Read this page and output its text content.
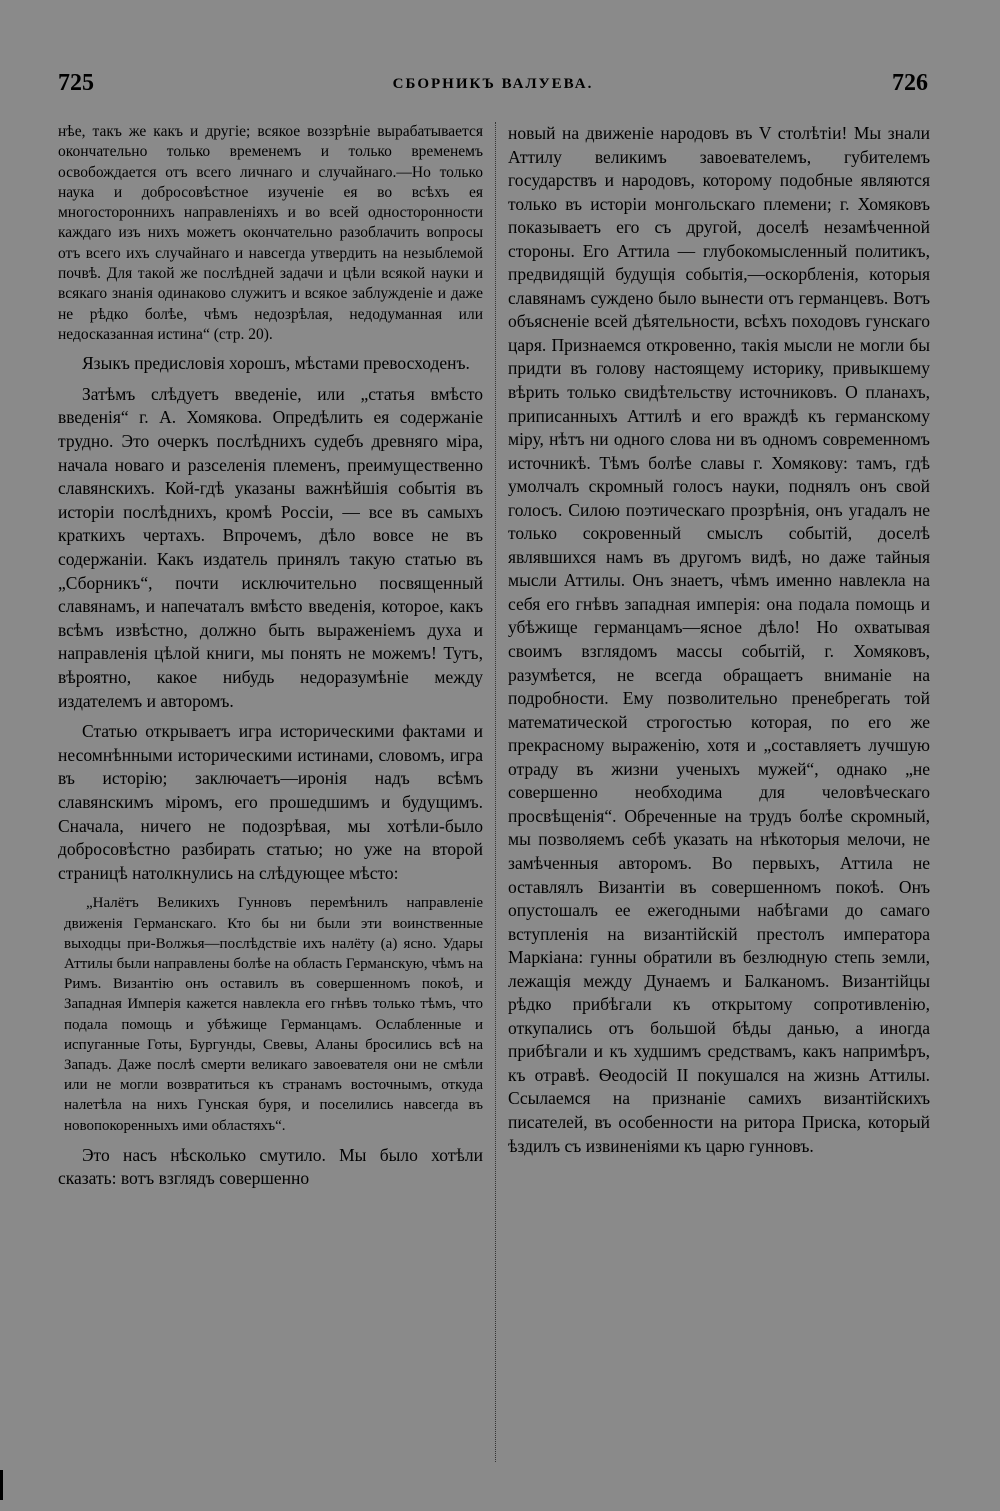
725	СБОРНИКЪ ВАЛУЕВА.	726

нѣе, такъ же какъ и другіе; всякое воззрѣніе вырабатывается окончательно только временемъ и только временемъ освобождается отъ всего личнаго и случайнаго.—Но только наука и добросовѣстное изученіе ея во всѣхъ ея многостороннихъ направленіяхъ и во всей односторонности каждаго изъ нихъ можетъ окончательно разоблачить вопросы отъ всего ихъ случайнаго и навсегда утвердить на незыблемой почвѣ. Для такой же послѣдней задачи и цѣли всякой науки и всякаго знанія одинаково служитъ и всякое заблужденіе и даже не рѣдко болѣе, чѣмъ недозрѣлая, недодуманная или недосказанная истина“ (стр. 20).

Языкъ предисловія хорошъ, мѣстами превосходенъ.

Затѣмъ слѣдуетъ введеніе, или „статья вмѣсто введенія“ г. А. Хомякова. Опредѣлить ея содержаніе трудно. Это очеркъ послѣднихъ судебъ древняго міра, начала новаго и разселенія племенъ, преимущественно славянскихъ. Кой-гдѣ указаны важнѣйшія событія въ исторіи послѣднихъ, кромѣ Россіи, — все въ самыхъ краткихъ чертахъ. Впрочемъ, дѣло вовсе не въ содержаніи. Какъ издатель принялъ такую статью въ „Сборникъ“, почти исключительно посвященный славянамъ, и напечаталъ вмѣсто введенія, которое, какъ всѣмъ извѣстно, должно быть выраженіемъ духа и направленія цѣлой книги, мы понять не можемъ! Тутъ, вѣроятно, какое нибудь недоразумѣніе между издателемъ и авторомъ.

Статью открываетъ игра историческими фактами и несомнѣнными историческими истинами, словомъ, игра въ исторію; заключаетъ—иронія надъ всѣмъ славянскимъ міромъ, его прошедшимъ и будущимъ. Сначала, ничего не подозрѣвая, мы хотѣли-было добросовѣстно разбирать статью; но уже на второй страницѣ натолкнулись на слѣдующее мѣсто:

„Налётъ Великихъ Гунновъ перемѣнилъ направленіе движенія Германскаго. Кто бы ни были эти воинственные выходцы при-Волжья—послѣдствіе ихъ налёту (а) ясно. Удары Аттилы были направлены болѣе на область Германскую, чѣмъ на Римъ. Византію онъ оставилъ въ совершенномъ покоѣ, и Западная Имперія кажется навлекла его гнѣвъ только тѣмъ, что подала помощь и убѣжище Германцамъ. Ослабленные и испуганные Готы, Бургунды, Свевы, Аланы бросились всѣ на Западъ. Даже послѣ смерти великаго завоевателя они не смѣли или не могли возвратиться къ странамъ восточнымъ, откуда налетѣла на нихъ Гунская буря, и поселились навсегда въ новопокоренныхъ ими областяхъ“.

Это насъ нѣсколько смутило. Мы было хотѣли сказать: вотъ взглядъ совершенно

новый на движеніе народовъ въ V столѣтіи! Мы знали Аттилу великимъ завоевателемъ, губителемъ государствъ и народовъ, которому подобные являются только въ исторіи монгольскаго племени; г. Хомяковъ показываетъ его съ другой, доселѣ незамѣченной стороны. Его Аттила — глубокомысленный политикъ, предвидящій будущія событія,—оскорбленія, которыя славянамъ суждено было вынести отъ германцевъ. Вотъ объясненіе всей дѣятельности, всѣхъ походовъ гунскаго царя. Признаемся откровенно, такія мысли не могли бы придти въ голову настоящему историку, привыкшему вѣрить только свидѣтельству источниковъ. О планахъ, приписанныхъ Аттилѣ и его враждѣ къ германскому міру, нѣтъ ни одного слова ни въ одномъ современномъ источникѣ. Тѣмъ болѣе славы г. Хомякову: тамъ, гдѣ умолчалъ скромный голосъ науки, поднялъ онъ свой голосъ. Силою поэтическаго прозрѣнія, онъ угадалъ не только сокровенный смыслъ событій, доселѣ являвшихся намъ въ другомъ видѣ, но даже тайныя мысли Аттилы. Онъ знаетъ, чѣмъ именно навлекла на себя его гнѣвъ западная имперія: она подала помощь и убѣжище германцамъ—ясное дѣло! Но охватывая своимъ взглядомъ массы событій, г. Хомяковъ, разумѣется, не всегда обращаетъ вниманіе на подробности. Ему позволительно пренебрегать той математической строгостью которая, по его же прекрасному выраженію, хотя и „составляетъ лучшую отраду въ жизни ученыхъ мужей“, однако „не совершенно необходима для человѣческаго просвѣщенія“. Обреченные на трудъ болѣе скромный, мы позволяемъ себѣ указать на нѣкоторыя мелочи, не замѣченныя авторомъ. Во первыхъ, Аттила не оставлялъ Византіи въ совершенномъ покоѣ. Онъ опустошалъ ее ежегодными набѣгами до самаго вступленія на византійскій престолъ императора Маркіана: гунны обратили въ безлюдную степь земли, лежащія между Дунаемъ и Балканомъ. Византійцы рѣдко прибѣгали къ открытому сопротивленію, откупались отъ большой бѣды данью, а иногда прибѣгали и къ худшимъ средствамъ, какъ напримѣръ, къ отравѣ. Ѳеодосій II покушался на жизнь Аттилы. Ссылаемся на признаніе самихъ византійскихъ писателей, въ особенности на ритора Приска, который ѣздилъ съ извиненіями къ царю гунновъ.
